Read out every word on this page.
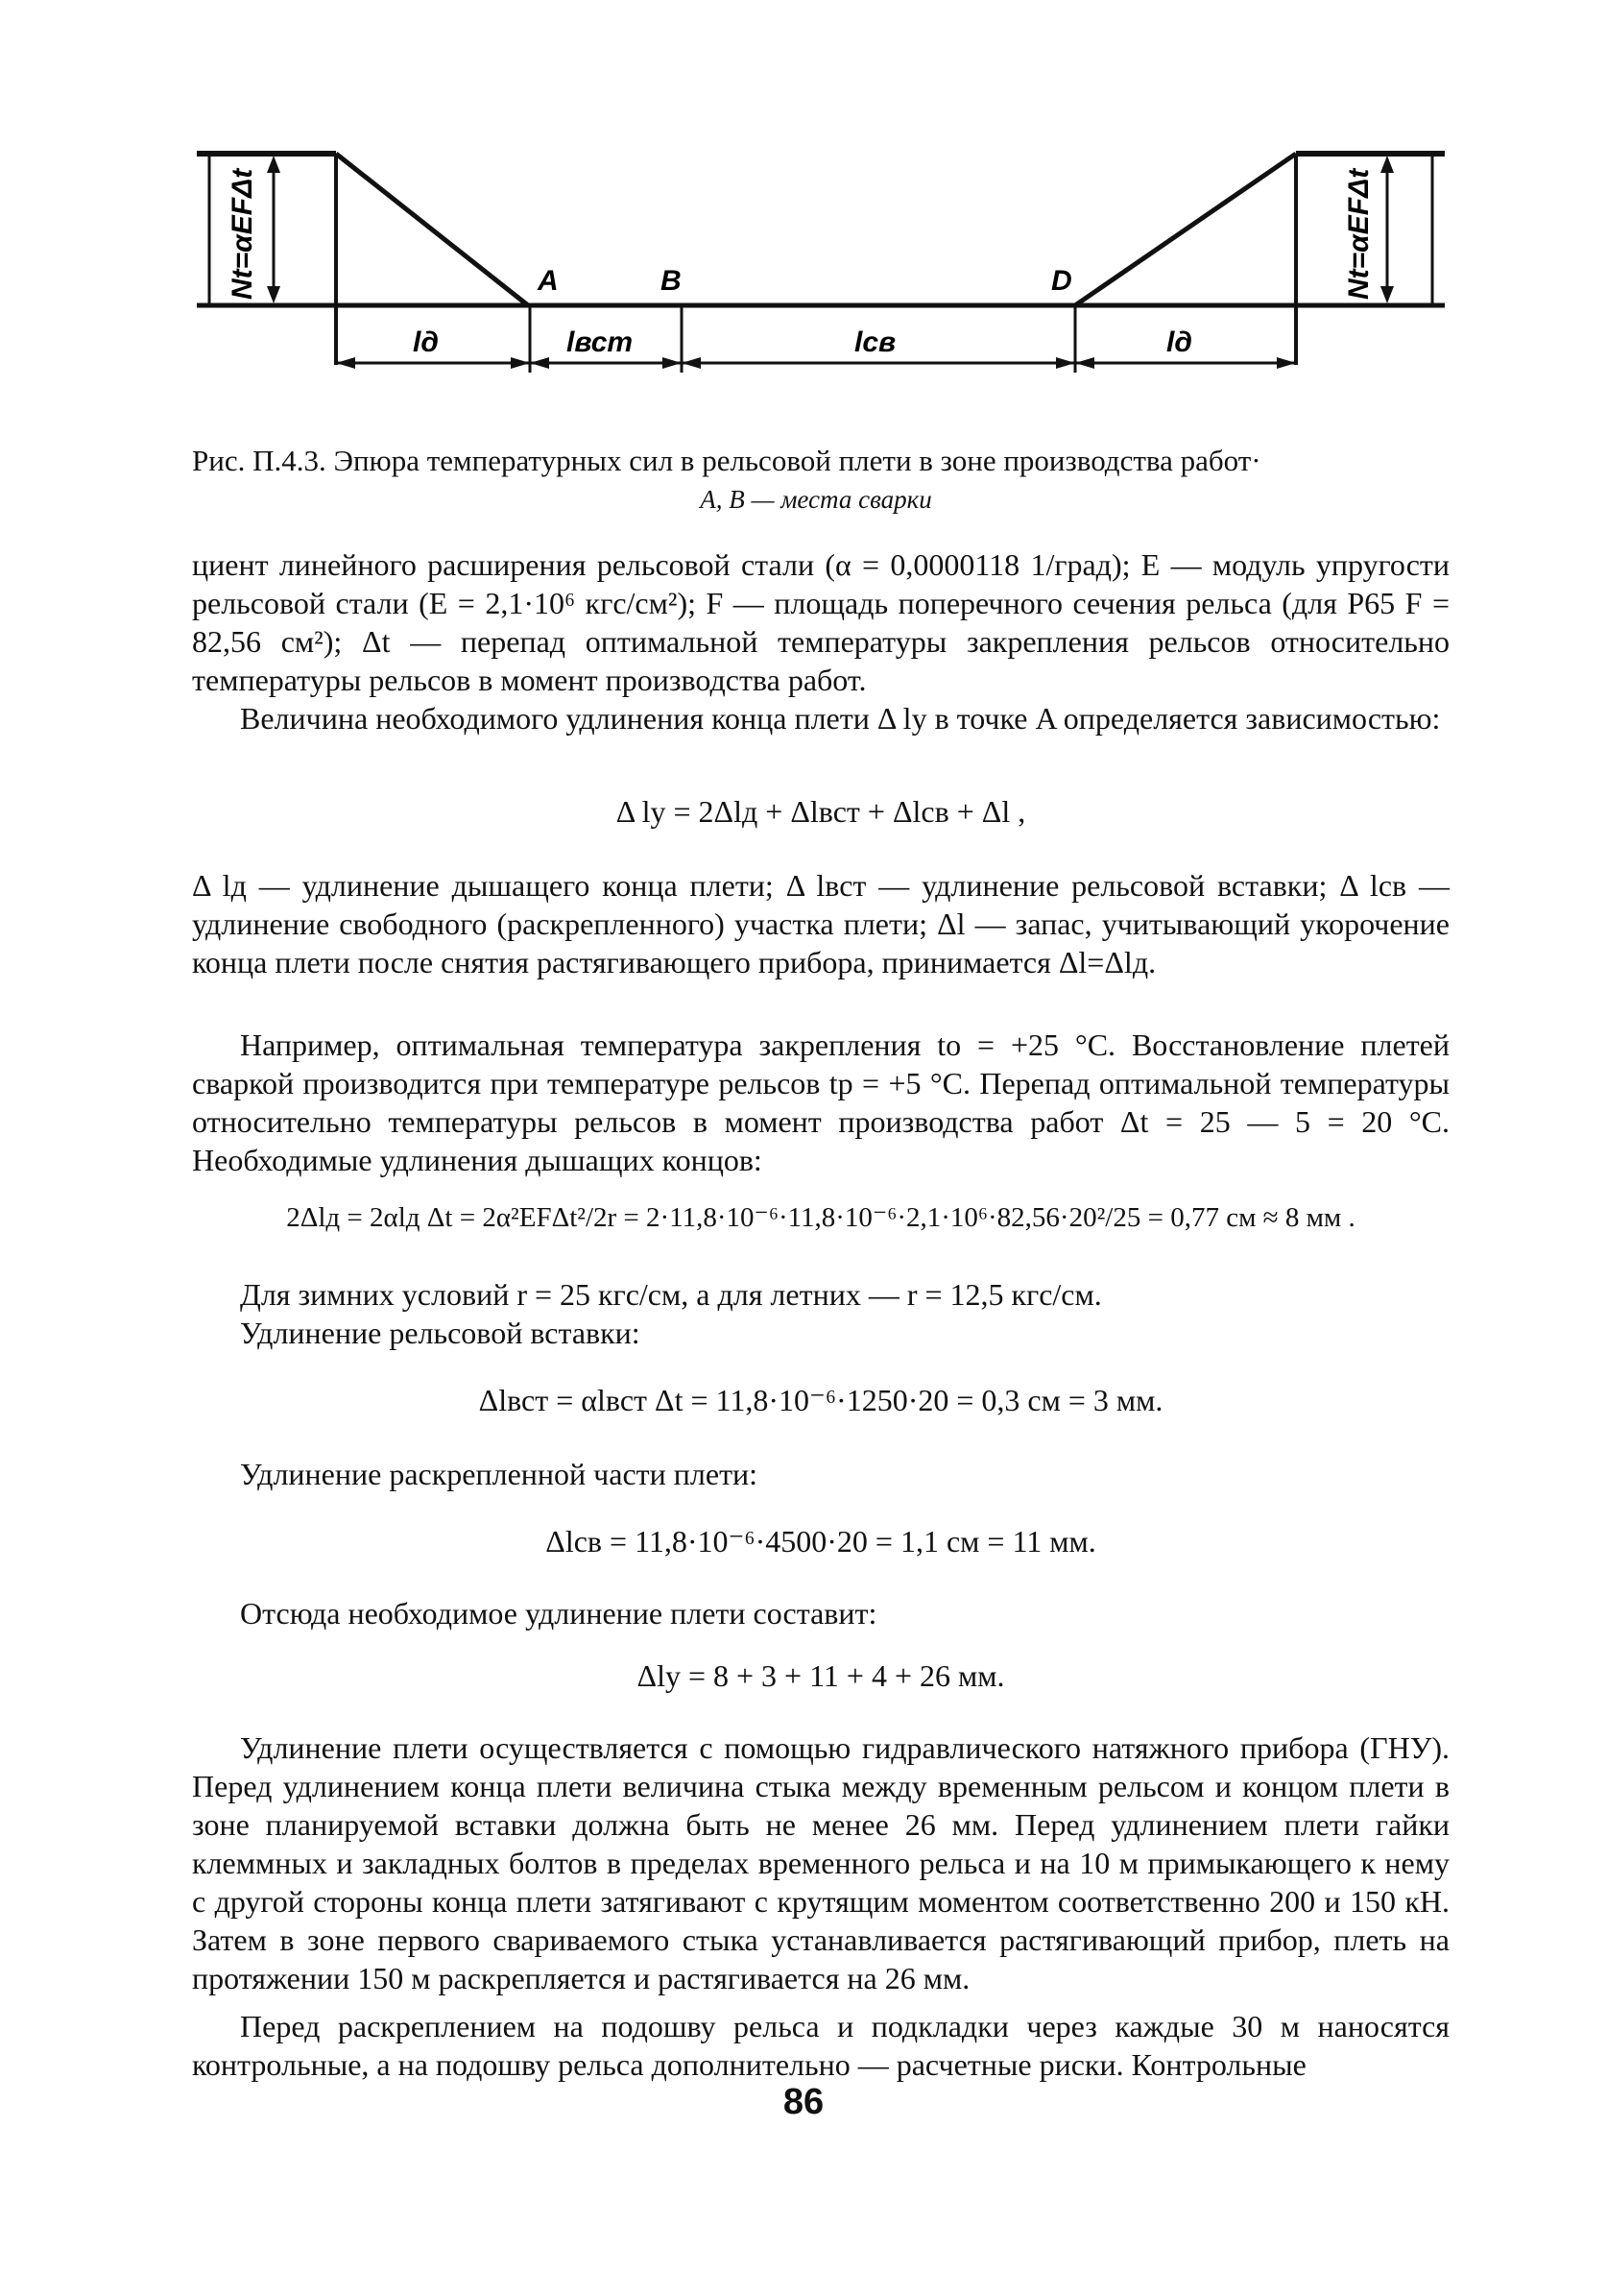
Nt=αEFΔt	Nt=αEFΔt
A	B	D
lд	lвст	lсв	lд
Рис. П.4.3. Эпюра температурных сил в рельсовой плети в зоне производства работ·
А, В — места сварки
циент линейного расширения рельсовой стали (α = 0,0000118 1/град); E — модуль упругости рельсовой стали (E = 2,1·10⁶ кгс/см²); F — площадь поперечного сечения рельса (для Р65 F = 82,56 см²); Δt — перепад оптимальной температуры закрепления рельсов относительно температуры рельсов в момент производства работ.
Величина необходимого удлинения конца плети Δ lу в точке A определяется зависимостью:
Δ lу = 2Δlд + Δlвст + Δlсв + Δl ,
Δ lд — удлинение дышащего конца плети; Δ lвст — удлинение рельсовой вставки; Δ lсв — удлинение свободного (раскрепленного) участка плети; Δl — запас, учитывающий укорочение конца плети после снятия растягивающего прибора, принимается Δl=Δlд.
Например, оптимальная температура закрепления tо = +25 °C. Восстановление плетей сваркой производится при температуре рельсов tр = +5 °C. Перепад оптимальной температуры относительно температуры рельсов в момент производства работ Δt = 25 — 5 = 20 °C. Необходимые удлинения дышащих концов:
2Δlд = 2αlд Δt = 2α²EFΔt²/2r = 2·11,8·10⁻⁶·11,8·10⁻⁶·2,1·10⁶·82,56·20²/25 = 0,77 см ≈ 8 мм .
Для зимних условий r = 25 кгс/см, а для летних — r = 12,5 кгс/см.
Удлинение рельсовой вставки:
Δlвст = αlвст Δt = 11,8·10⁻⁶·1250·20 = 0,3 см = 3 мм.
Удлинение раскрепленной части плети:
Δlсв = 11,8·10⁻⁶·4500·20 = 1,1 см = 11 мм.
Отсюда необходимое удлинение плети составит:
Δlу = 8 + 3 + 11 + 4 + 26 мм.
Удлинение плети осуществляется с помощью гидравлического натяжного прибора (ГНУ). Перед удлинением конца плети величина стыка между временным рельсом и концом плети в зоне планируемой вставки должна быть не менее 26 мм. Перед удлинением плети гайки клеммных и закладных болтов в пределах временного рельса и на 10 м примыкающего к нему с другой стороны конца плети затягивают с крутящим моментом соответственно 200 и 150 кН. Затем в зоне первого свариваемого стыка устанавливается растягивающий прибор, плеть на протяжении 150 м раскрепляется и растягивается на 26 мм.
Перед раскреплением на подошву рельса и подкладки через каждые 30 м наносятся контрольные, а на подошву рельса дополнительно — расчетные риски. Контрольные
86
